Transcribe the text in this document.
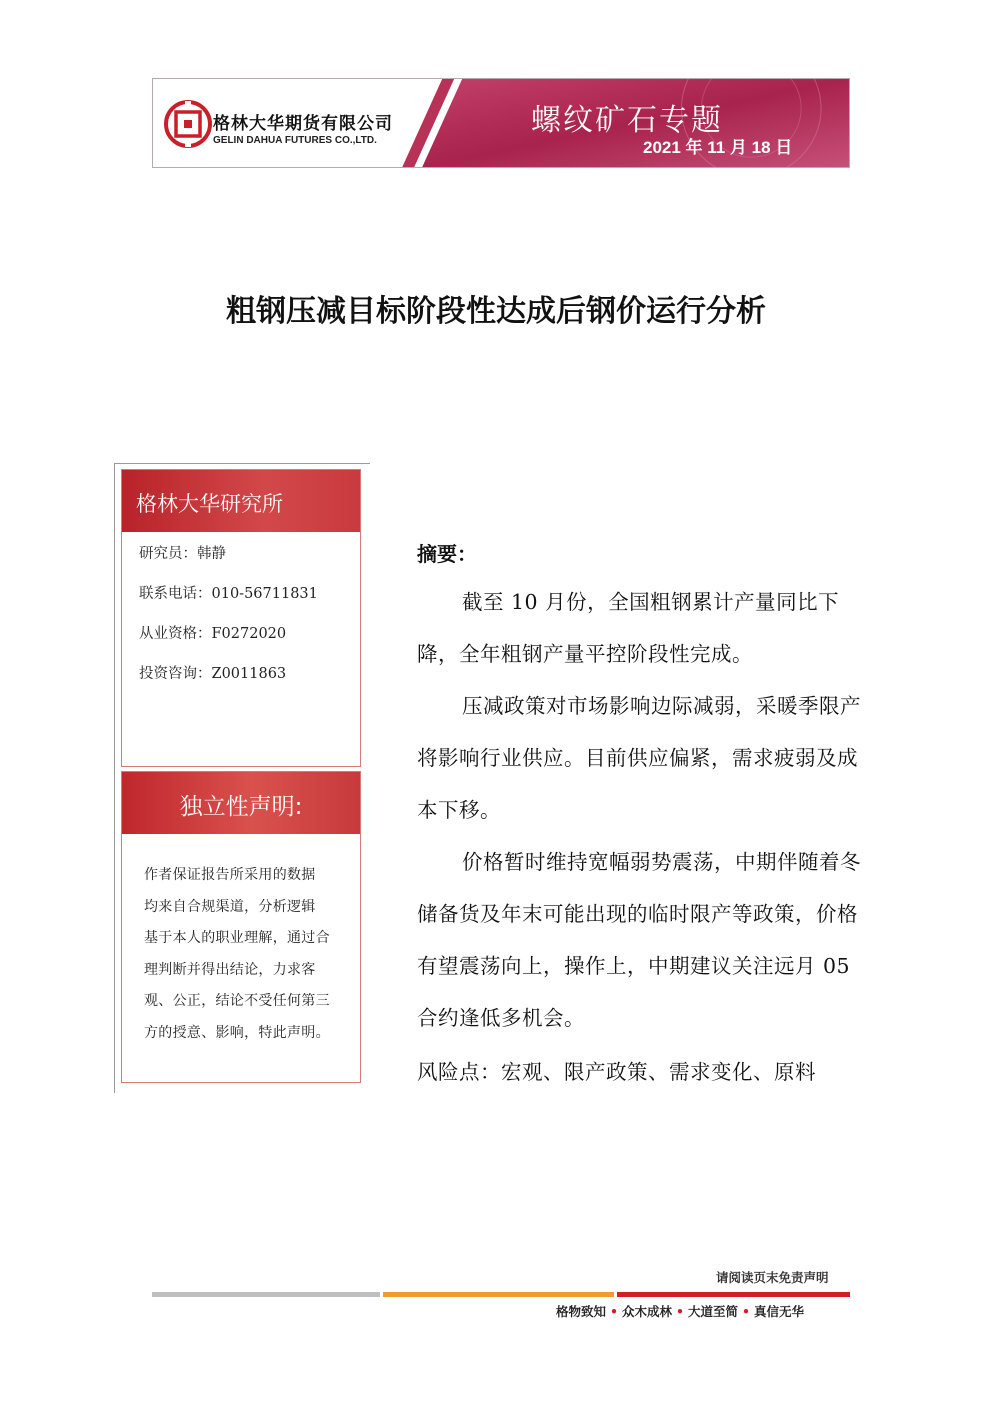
格林大华期货有限公司
GELIN DAHUA FUTURES CO.,LTD.
螺纹矿石专题
2021 年 11 月 18 日
粗钢压减目标阶段性达成后钢价运行分析
格林大华研究所
研究员：韩静
联系电话：010-56711831
从业资格：F0272020
投资咨询：Z0011863
独立性声明:
作者保证报告所采用的数据
均来自合规渠道，分析逻辑
基于本人的职业理解，通过合
理判断并得出结论，力求客
观、公正，结论不受任何第三
方的授意、影响，特此声明。
摘要：
截至 10 月份，全国粗钢累计产量同比下降，全年粗钢产量平控阶段性完成。
压减政策对市场影响边际减弱，采暖季限产将影响行业供应。目前供应偏紧，需求疲弱及成本下移。
价格暂时维持宽幅弱势震荡，中期伴随着冬储备货及年末可能出现的临时限产等政策，价格有望震荡向上，操作上，中期建议关注远月 05 合约逢低多机会。
风险点：宏观、限产政策、需求变化、原料
请阅读页末免责声明
格物致知 • 众木成林 • 大道至简 • 真信无华
